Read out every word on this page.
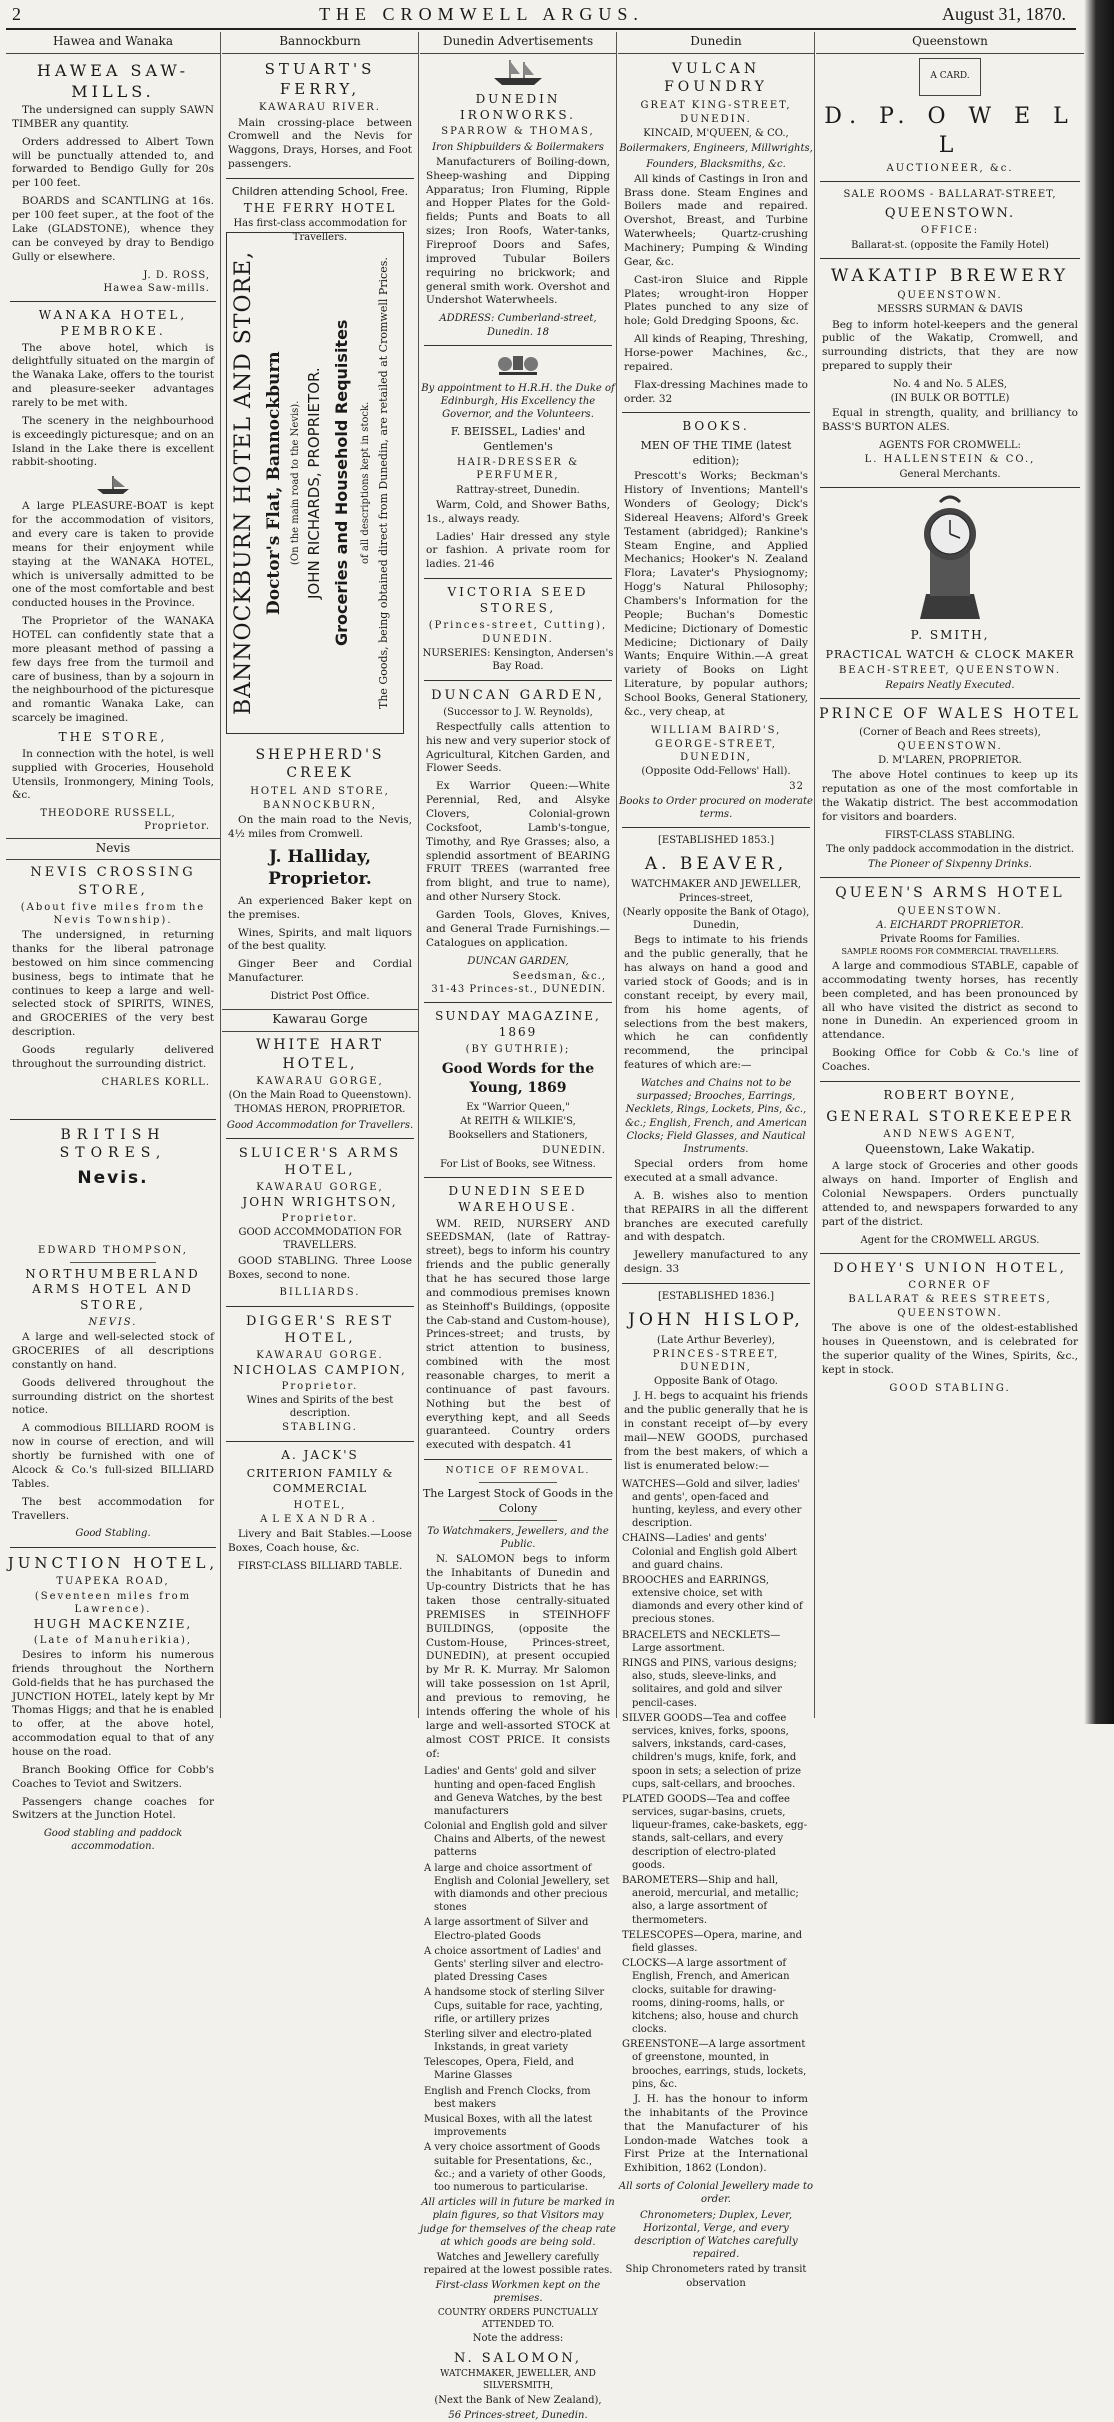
2	THE CROMWELL ARGUS.	August 31, 1870.
Hawea and Wanaka
HAWEA SAW-MILLS.

The undersigned can supply SAWN TIMBER any quantity.

Orders addressed to Albert Town will be punctually attended to, and forwarded to Bendigo Gully for 20s per 100 feet.

BOARDS and SCANTLING at 16s. per 100 feet super., at the foot of the Lake (GLADSTONE), whence they can be conveyed by dray to Bendigo Gully or elsewhere.

J. D. ROSS,
Hawea Saw-mills.
WANAKA HOTEL, PEMBROKE.

The above hotel, which is delightfully situated on the margin of the Wanaka Lake, offers to the tourist and pleasure-seeker advantages rarely to be met with.

The scenery in the neighbourhood is exceedingly picturesque; and on an Island in the Lake there is excellent rabbit-shooting.

A large PLEASURE-BOAT is kept for the accommodation of visitors, and every care is taken to provide means for their enjoyment while staying at the WANAKA HOTEL, which is universally admitted to be one of the most comfortable and best conducted houses in the Province.

The Proprietor of the WANAKA HOTEL can confidently state that a more pleasant method of passing a few days free from the turmoil and care of business, than by a sojourn in the neighbourhood of the picturesque and romantic Wanaka Lake, can scarcely be imagined.

THE STORE,

In connection with the hotel, is well supplied with Groceries, Household Utensils, Ironmongery, Mining Tools, &c.

THEODORE RUSSELL,
Proprietor.
Nevis
NEVIS CROSSING STORE,
(About five miles from the Nevis Township).

The undersigned, in returning thanks for the liberal patronage bestowed on him since commencing business, begs to intimate that he continues to keep a large and well-selected stock of SPIRITS, WINES, and GROCERIES of the very best description.

Goods regularly delivered throughout the surrounding district.

CHARLES KORLL.
BRITISH STORES,
Nevis.
EDWARD THOMPSON,
NORTHUMBERLAND ARMS HOTEL AND STORE,
NEVIS.

A large and well-selected stock of GROCERIES of all descriptions constantly on hand.

Goods delivered throughout the surrounding district on the shortest notice.

A commodious BILLIARD ROOM is now in course of erection, and will shortly be furnished with one of Alcock & Co.'s full-sized BILLIARD Tables.

The best accommodation for Travellers.

Good Stabling.
JUNCTION HOTEL,
TUAPEKA ROAD,
(Seventeen miles from Lawrence).
HUGH MACKENZIE,
(Late of Manuherikia),

Desires to inform his numerous friends throughout the Northern Gold-fields that he has purchased the JUNCTION HOTEL, lately kept by Mr Thomas Higgs; and that he is enabled to offer, at the above hotel, accommodation equal to that of any house on the road.

Branch Booking Office for Cobb's Coaches to Teviot and Switzers.

Passengers change coaches for Switzers at the Junction Hotel.

Good stabling and paddock accommodation.
Bannockburn
STUART'S FERRY,
KAWARAU RIVER.

Main crossing-place between Cromwell and the Nevis for Waggons, Drays, Horses, and Foot passengers.

Children attending School, Free.
THE FERRY HOTEL
Has first-class accommodation for Travellers.
BANNOCKBURN HOTEL AND STORE, Doctor's Flat, Bannockburn (On the main road to the Nevis). JOHN RICHARDS, PROPRIETOR. Groceries and Household Requisites of all descriptions kept in stock. The Goods, being obtained direct from Dunedin, are retailed at Cromwell Prices.
SHEPHERD'S CREEK
HOTEL AND STORE,
BANNOCKBURN,

On the main road to the Nevis, 4½ miles from Cromwell.

J. Halliday, Proprietor.

An experienced Baker kept on the premises.

Wines, Spirits, and malt liquors of the best quality.

Ginger Beer and Cordial Manufacturer.

District Post Office.
Kawarau Gorge
WHITE HART HOTEL,
KAWARAU GORGE,
(On the Main Road to Queenstown).
THOMAS HERON, PROPRIETOR.
Good Accommodation for Travellers.
SLUICER'S ARMS HOTEL,
KAWARAU GORGE,
JOHN WRIGHTSON,
Proprietor.
GOOD ACCOMMODATION FOR TRAVELLERS.

GOOD STABLING. Three Loose Boxes, second to none.

BILLIARDS.
DIGGER'S REST HOTEL,
KAWARAU GORGE.
NICHOLAS CAMPION,
Proprietor.
Wines and Spirits of the best description.
STABLING.
A. JACK'S
CRITERION FAMILY & COMMERCIAL
HOTEL,
ALEXANDRA.

Livery and Bait Stables.—Loose Boxes, Coach house, &c.

FIRST-CLASS BILLIARD TABLE.
Dunedin Advertisements
DUNEDIN IRONWORKS.
SPARROW & THOMAS,
Iron Shipbuilders & Boilermakers

Manufacturers of Boiling-down, Sheep-washing and Dipping Apparatus; Iron Fluming, Ripple and Hopper Plates for the Gold-fields; Punts and Boats to all sizes; Iron Roofs, Water-tanks, Fireproof Doors and Safes, improved Tubular Boilers requiring no brickwork; and general smith work. Overshot and Undershot Waterwheels.

ADDRESS: Cumberland-street, Dunedin. 18
By appointment to H.R.H. the Duke of Edinburgh, His Excellency the Governor, and the Volunteers.
F. BEISSEL, Ladies' and Gentlemen's
HAIR-DRESSER & PERFUMER,
Rattray-street, Dunedin.

Warm, Cold, and Shower Baths, 1s., always ready.

Ladies' Hair dressed any style or fashion. A private room for ladies. 21-46

VICTORIA SEED STORES,
(Princes-street, Cutting),
DUNEDIN.
NURSERIES: Kensington, Andersen's Bay Road.
DUNCAN GARDEN,
(Successor to J. W. Reynolds),

Respectfully calls attention to his new and very superior stock of Agricultural, Kitchen Garden, and Flower Seeds.

Ex Warrior Queen:—White Perennial, Red, and Alsyke Clovers, Colonial-grown Cocksfoot, Lamb's-tongue, Timothy, and Rye Grasses; also, a splendid assortment of BEARING FRUIT TREES (warranted free from blight, and true to name), and other Nursery Stock.

Garden Tools, Gloves, Knives, and General Trade Furnishings.—Catalogues on application.

DUNCAN GARDEN,
Seedsman, &c.,
31-43 Princes-st., DUNEDIN.
SUNDAY MAGAZINE, 1869
(BY GUTHRIE);
Good Words for the Young, 1869
Ex "Warrior Queen,"
At REITH & WILKIE'S,
Booksellers and Stationers,
DUNEDIN.
For List of Books, see Witness.
DUNEDIN SEED WAREHOUSE.

WM. REID, NURSERY AND SEEDSMAN, (late of Rattray-street), begs to inform his country friends and the public generally that he has secured those large and commodious premises known as Steinhoff's Buildings, (opposite the Cab-stand and Custom-house), Princes-street; and trusts, by strict attention to business, combined with the most reasonable charges, to merit a continuance of past favours. Nothing but the best of everything kept, and all Seeds guaranteed. Country orders executed with despatch. 41

NOTICE OF REMOVAL.
The Largest Stock of Goods in the Colony
To Watchmakers, Jewellers, and the Public.

N. SALOMON begs to inform the Inhabitants of Dunedin and Up-country Districts that he has taken those centrally-situated PREMISES in STEINHOFF BUILDINGS, (opposite the Custom-House, Princes-street, DUNEDIN), at present occupied by Mr R. K. Murray. Mr Salomon will take possession on 1st April, and previous to removing, he intends offering the whole of his large and well-assorted STOCK at almost COST PRICE. It consists of:

Ladies' and Gents' gold and silver hunting and open-faced English and Geneva Watches, by the best manufacturers
Colonial and English gold and silver Chains and Alberts, of the newest patterns
A large and choice assortment of English and Colonial Jewellery, set with diamonds and other precious stones
A large assortment of Silver and Electro-plated Goods
A choice assortment of Ladies' and Gents' sterling silver and electro-plated Dressing Cases
A handsome stock of sterling Silver Cups, suitable for race, yachting, rifle, or artillery prizes
Sterling silver and electro-plated Inkstands, in great variety
Telescopes, Opera, Field, and Marine Glasses
English and French Clocks, from best makers
Musical Boxes, with all the latest improvements
A very choice assortment of Goods suitable for Presentations, &c., &c.; and a variety of other Goods, too numerous to particularise.
All articles will in future be marked in plain figures, so that Visitors may judge for themselves of the cheap rate at which goods are being sold.
Watches and Jewellery carefully repaired at the lowest possible rates.
First-class Workmen kept on the premises.
COUNTRY ORDERS PUNCTUALLY ATTENDED TO.
Note the address:
N. SALOMON,
WATCHMAKER, JEWELLER, AND SILVERSMITH,
(Next the Bank of New Zealand),
56 Princes-street, Dunedin.
Dunedin
VULCAN FOUNDRY
GREAT KING-STREET,
DUNEDIN.
KINCAID, M'QUEEN, & CO.,
Boilermakers, Engineers, Millwrights,
Founders, Blacksmiths, &c.

All kinds of Castings in Iron and Brass done. Steam Engines and Boilers made and repaired. Overshot, Breast, and Turbine Waterwheels; Quartz-crushing Machinery; Pumping & Winding Gear, &c.

Cast-iron Sluice and Ripple Plates; wrought-iron Hopper Plates punched to any size of hole; Gold Dredging Spoons, &c.

All kinds of Reaping, Threshing, Horse-power Machines, &c., repaired.

Flax-dressing Machines made to order. 32

BOOKS.
MEN OF THE TIME (latest edition);

Prescott's Works; Beckman's History of Inventions; Mantell's Wonders of Geology; Dick's Sidereal Heavens; Alford's Greek Testament (abridged); Rankine's Steam Engine, and Applied Mechanics; Hooker's N. Zealand Flora; Lavater's Physiognomy; Hogg's Natural Philosophy; Chambers's Information for the People; Buchan's Domestic Medicine; Dictionary of Domestic Medicine; Dictionary of Daily Wants; Enquire Within.—A great variety of Books on Light Literature, by popular authors; School Books, General Stationery, &c., very cheap, at

WILLIAM BAIRD'S,
GEORGE-STREET, DUNEDIN,
(Opposite Odd-Fellows' Hall).
32
Books to Order procured on moderate terms.
[ESTABLISHED 1853.]
A. BEAVER,
WATCHMAKER AND JEWELLER,
Princes-street,
(Nearly opposite the Bank of Otago), Dunedin,

Begs to intimate to his friends and the public generally, that he has always on hand a good and varied stock of Goods; and is in constant receipt, by every mail, from his home agents, of selections from the best makers, which he can confidently recommend, the principal features of which are:—

Watches and Chains not to be surpassed; Brooches, Earrings, Necklets, Rings, Lockets, Pins, &c., &c.; English, French, and American Clocks; Field Glasses, and Nautical Instruments.

Special orders from home executed at a small advance.

A. B. wishes also to mention that REPAIRS in all the different branches are executed carefully and with despatch.

Jewellery manufactured to any design. 33

[ESTABLISHED 1836.]
JOHN HISLOP,
(Late Arthur Beverley),
PRINCES-STREET, DUNEDIN,
Opposite Bank of Otago.

J. H. begs to acquaint his friends and the public generally that he is in constant receipt of—by every mail—NEW GOODS, purchased from the best makers, of which a list is enumerated below:—

WATCHES—Gold and silver, ladies' and gents', open-faced and hunting, keyless, and every other description.
CHAINS—Ladies' and gents' Colonial and English gold Albert and guard chains.
BROOCHES and EARRINGS, extensive choice, set with diamonds and every other kind of precious stones.
BRACELETS and NECKLETS—Large assortment.
RINGS and PINS, various designs; also, studs, sleeve-links, and solitaires, and gold and silver pencil-cases.
SILVER GOODS—Tea and coffee services, knives, forks, spoons, salvers, inkstands, card-cases, children's mugs, knife, fork, and spoon in sets; a selection of prize cups, salt-cellars, and brooches.
PLATED GOODS—Tea and coffee services, sugar-basins, cruets, liqueur-frames, cake-baskets, egg-stands, salt-cellars, and every description of electro-plated goods.
BAROMETERS—Ship and hall, aneroid, mercurial, and metallic; also, a large assortment of thermometers.
TELESCOPES—Opera, marine, and field glasses.
CLOCKS—A large assortment of English, French, and American clocks, suitable for drawing-rooms, dining-rooms, halls, or kitchens; also, house and church clocks.
GREENSTONE—A large assortment of greenstone, mounted, in brooches, earrings, studs, lockets, pins, &c.

J. H. has the honour to inform the inhabitants of the Province that the Manufacturer of his London-made Watches took a First Prize at the International Exhibition, 1862 (London).

All sorts of Colonial Jewellery made to order.
Chronometers; Duplex, Lever, Horizontal, Verge, and every description of Watches carefully repaired.
Ship Chronometers rated by transit observation
Queenstown
A CARD.
D. P. O W E L L
AUCTIONEER, &c.
SALE ROOMS - BALLARAT-STREET,
QUEENSTOWN.
OFFICE:
Ballarat-st. (opposite the Family Hotel)
WAKATIP BREWERY
QUEENSTOWN.
MESSRS SURMAN & DAVIS

Beg to inform hotel-keepers and the general public of the Wakatip, Cromwell, and surrounding districts, that they are now prepared to supply their

No. 4 and No. 5 ALES,
(IN BULK OR BOTTLE)

Equal in strength, quality, and brilliancy to BASS'S BURTON ALES.

AGENTS FOR CROMWELL:
L. HALLENSTEIN & CO.,
General Merchants.
P. SMITH,
PRACTICAL WATCH & CLOCK MAKER
BEACH-STREET, QUEENSTOWN.
Repairs Neatly Executed.
PRINCE OF WALES HOTEL
(Corner of Beach and Rees streets),
QUEENSTOWN.
D. M'LAREN, PROPRIETOR.

The above Hotel continues to keep up its reputation as one of the most comfortable in the Wakatip district. The best accommodation for visitors and boarders.

FIRST-CLASS STABLING.
The only paddock accommodation in the district.
The Pioneer of Sixpenny Drinks.
QUEEN'S ARMS HOTEL
QUEENSTOWN.
A. EICHARDT PROPRIETOR.
Private Rooms for Families.
SAMPLE ROOMS FOR COMMERCIAL TRAVELLERS.

A large and commodious STABLE, capable of accommodating twenty horses, has recently been completed, and has been pronounced by all who have visited the district as second to none in Dunedin. An experienced groom in attendance.

Booking Office for Cobb & Co.'s line of Coaches.

ROBERT BOYNE,
GENERAL STOREKEEPER
AND NEWS AGENT,
Queenstown, Lake Wakatip.

A large stock of Groceries and other goods always on hand. Importer of English and Colonial Newspapers. Orders punctually attended to, and newspapers forwarded to any part of the district.

Agent for the CROMWELL ARGUS.
DOHEY'S UNION HOTEL,
CORNER OF
BALLARAT & REES STREETS,
QUEENSTOWN.

The above is one of the oldest-established houses in Queenstown, and is celebrated for the superior quality of the Wines, Spirits, &c., kept in stock.

GOOD STABLING.
